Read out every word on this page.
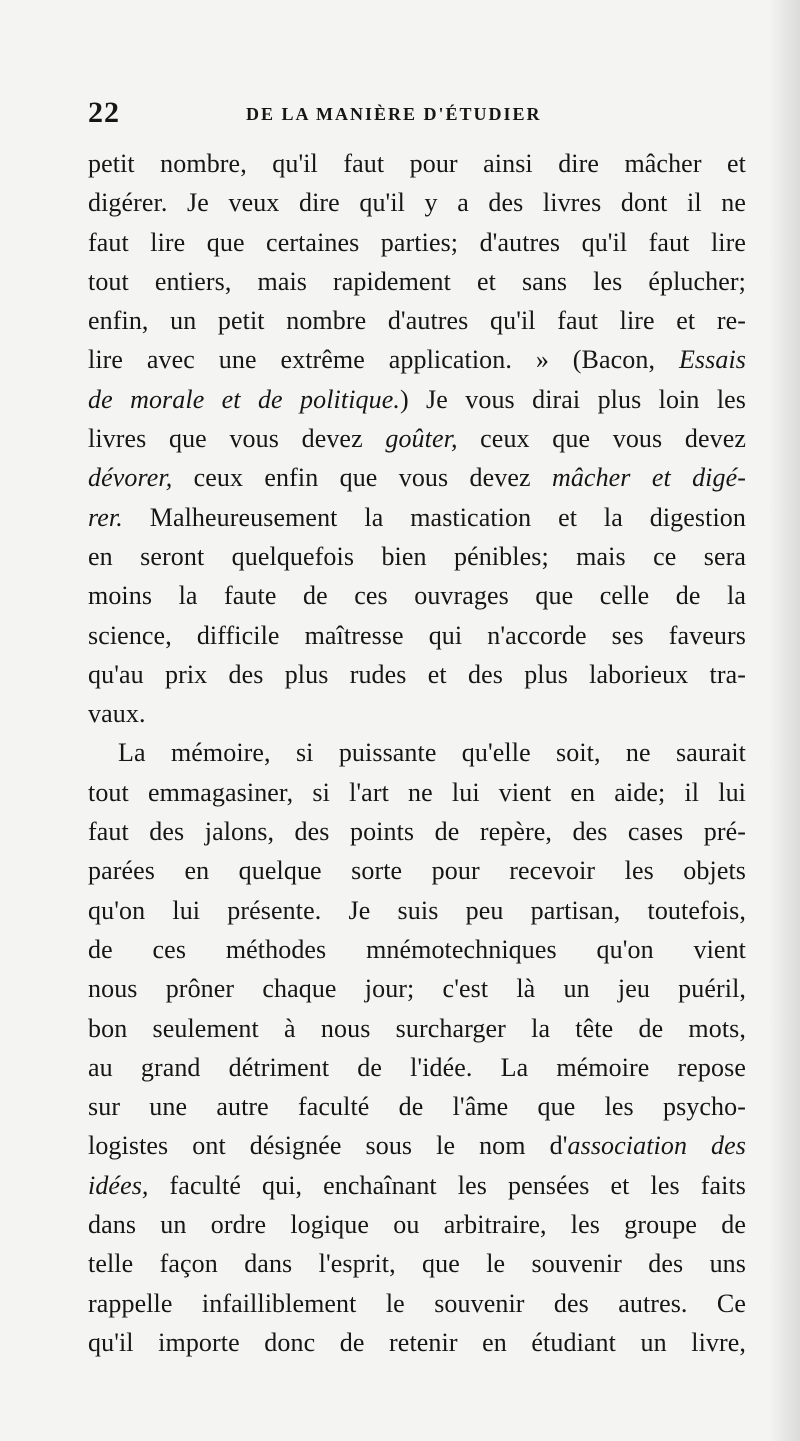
22	DE LA MANIÈRE D'ÉTUDIER
petit nombre, qu'il faut pour ainsi dire mâcher et
digérer. Je veux dire qu'il y a des livres dont il ne
faut lire que certaines parties; d'autres qu'il faut lire
tout entiers, mais rapidement et sans les éplucher;
enfin, un petit nombre d'autres qu'il faut lire et re-
lire avec une extrême application. » (Bacon, Essais
de morale et de politique.) Je vous dirai plus loin les
livres que vous devez goûter, ceux que vous devez
dévorer, ceux enfin que vous devez mâcher et digé-
rer. Malheureusement la mastication et la digestion
en seront quelquefois bien pénibles; mais ce sera
moins la faute de ces ouvrages que celle de la
science, difficile maîtresse qui n'accorde ses faveurs
qu'au prix des plus rudes et des plus laborieux tra-
vaux.
La mémoire, si puissante qu'elle soit, ne saurait
tout emmagasiner, si l'art ne lui vient en aide; il lui
faut des jalons, des points de repère, des cases pré-
parées en quelque sorte pour recevoir les objets
qu'on lui présente. Je suis peu partisan, toutefois,
de ces méthodes mnémotechniques qu'on vient
nous prôner chaque jour; c'est là un jeu puéril,
bon seulement à nous surcharger la tête de mots,
au grand détriment de l'idée. La mémoire repose
sur une autre faculté de l'âme que les psycho-
logistes ont désignée sous le nom d'association des
idées, faculté qui, enchaînant les pensées et les faits
dans un ordre logique ou arbitraire, les groupe de
telle façon dans l'esprit, que le souvenir des uns
rappelle infailliblement le souvenir des autres. Ce
qu'il importe donc de retenir en étudiant un livre,
